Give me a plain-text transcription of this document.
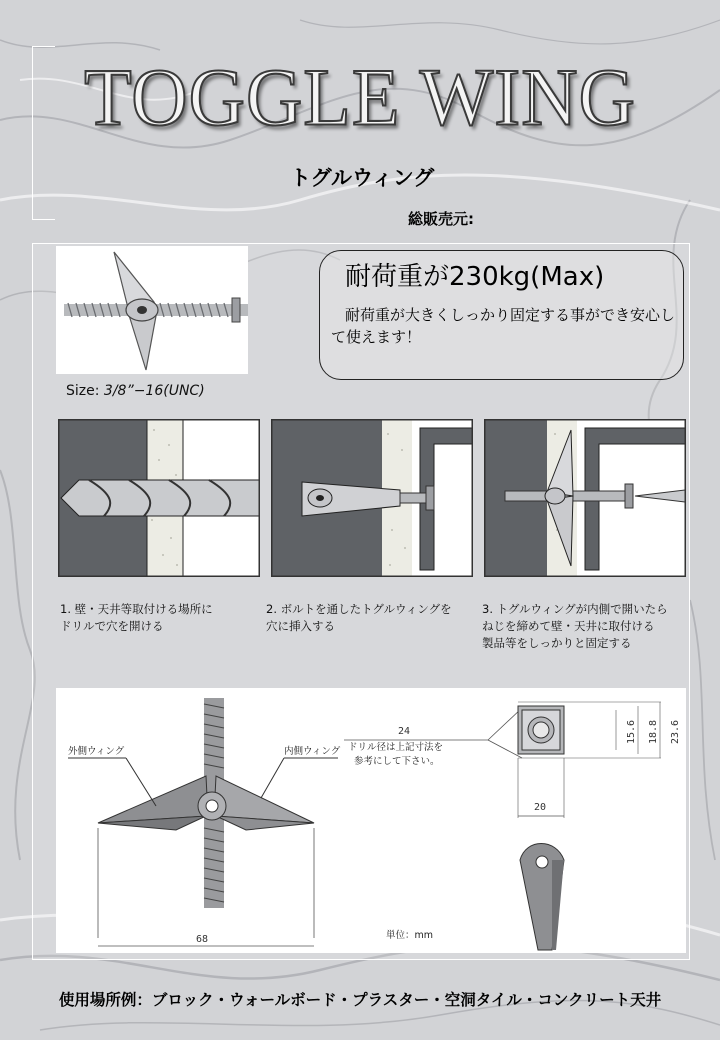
TOGGLE WING
トグルウィング
総販売元:
Size: 3/8”−16(UNC)
耐荷重が230kg(Max)
耐荷重が大きくしっかり固定する事ができ安心して使えます！
1. 壁・天井等取付ける場所に
ドリルで穴を開ける
2. ボルトを通したトグルウィングを
穴に挿入する
3. トグルウィングが内側で開いたら
ねじを締めて壁・天井に取付ける
製品等をしっかりと固定する
外側ウィング	内側ウィング
68
24
ドリル径は上記寸法を
参考にして下さい。
15.6 18.8 23.6
20
単位：mm
使用場所例：ブロック・ウォールボード・プラスター・空洞タイル・コンクリート天井
